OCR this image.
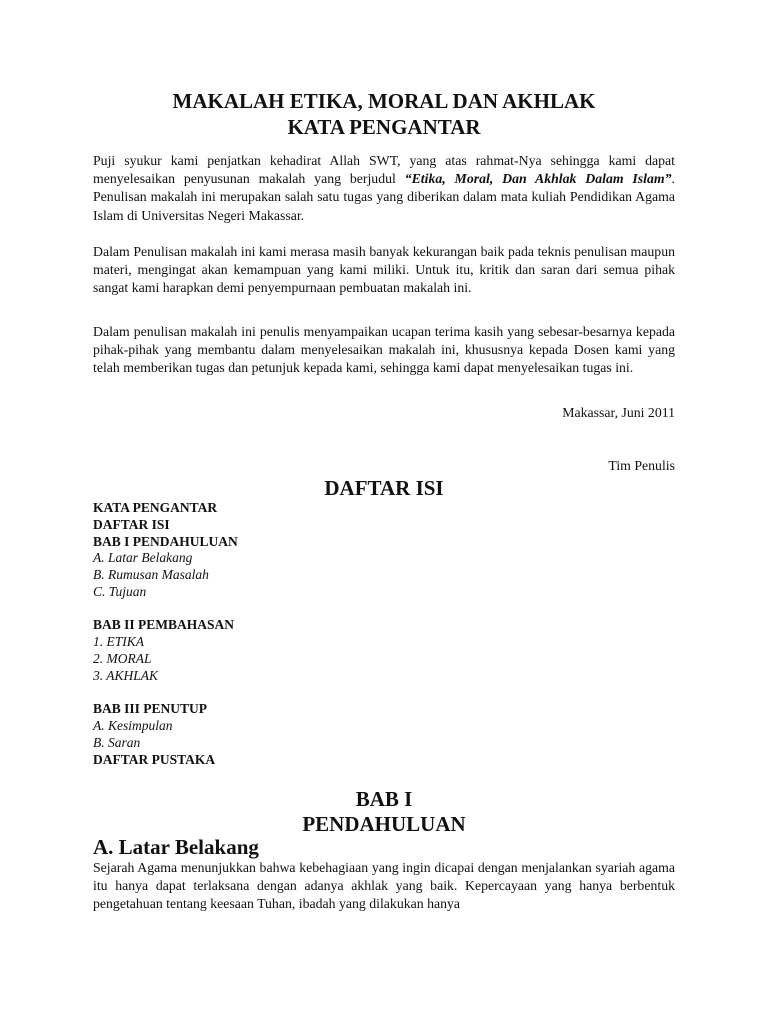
MAKALAH ETIKA, MORAL DAN AKHLAK
KATA PENGANTAR
Puji syukur kami penjatkan kehadirat Allah SWT, yang atas rahmat-Nya sehingga kami dapat menyelesaikan penyusunan makalah yang berjudul “Etika, Moral, Dan Akhlak Dalam Islam”. Penulisan makalah ini merupakan salah satu tugas yang diberikan dalam mata kuliah Pendidikan Agama Islam di Universitas Negeri Makassar.
Dalam Penulisan makalah ini kami merasa masih banyak kekurangan baik pada teknis penulisan maupun materi, mengingat akan kemampuan yang kami miliki. Untuk itu, kritik dan saran dari semua pihak sangat kami harapkan demi penyempurnaan pembuatan makalah ini.
Dalam penulisan makalah ini penulis menyampaikan ucapan terima kasih yang sebesar-besarnya kepada pihak-pihak yang membantu dalam menyelesaikan makalah ini, khususnya kepada Dosen kami yang telah memberikan tugas dan petunjuk kepada kami, sehingga kami dapat menyelesaikan tugas ini.
Makassar, Juni 2011
Tim Penulis
DAFTAR ISI
KATA PENGANTAR
DAFTAR ISI
BAB I PENDAHULUAN
A. Latar Belakang
B. Rumusan Masalah
C. Tujuan
BAB II PEMBAHASAN
1. ETIKA
2. MORAL
3. AKHLAK
BAB III PENUTUP
A. Kesimpulan
B. Saran
DAFTAR PUSTAKA
BAB I
PENDAHULUAN
A. Latar Belakang
Sejarah Agama menunjukkan bahwa kebehagiaan yang ingin dicapai dengan menjalankan syariah agama itu hanya dapat terlaksana dengan adanya akhlak yang baik. Kepercayaan yang hanya berbentuk pengetahuan tentang keesaan Tuhan, ibadah yang dilakukan hanya
